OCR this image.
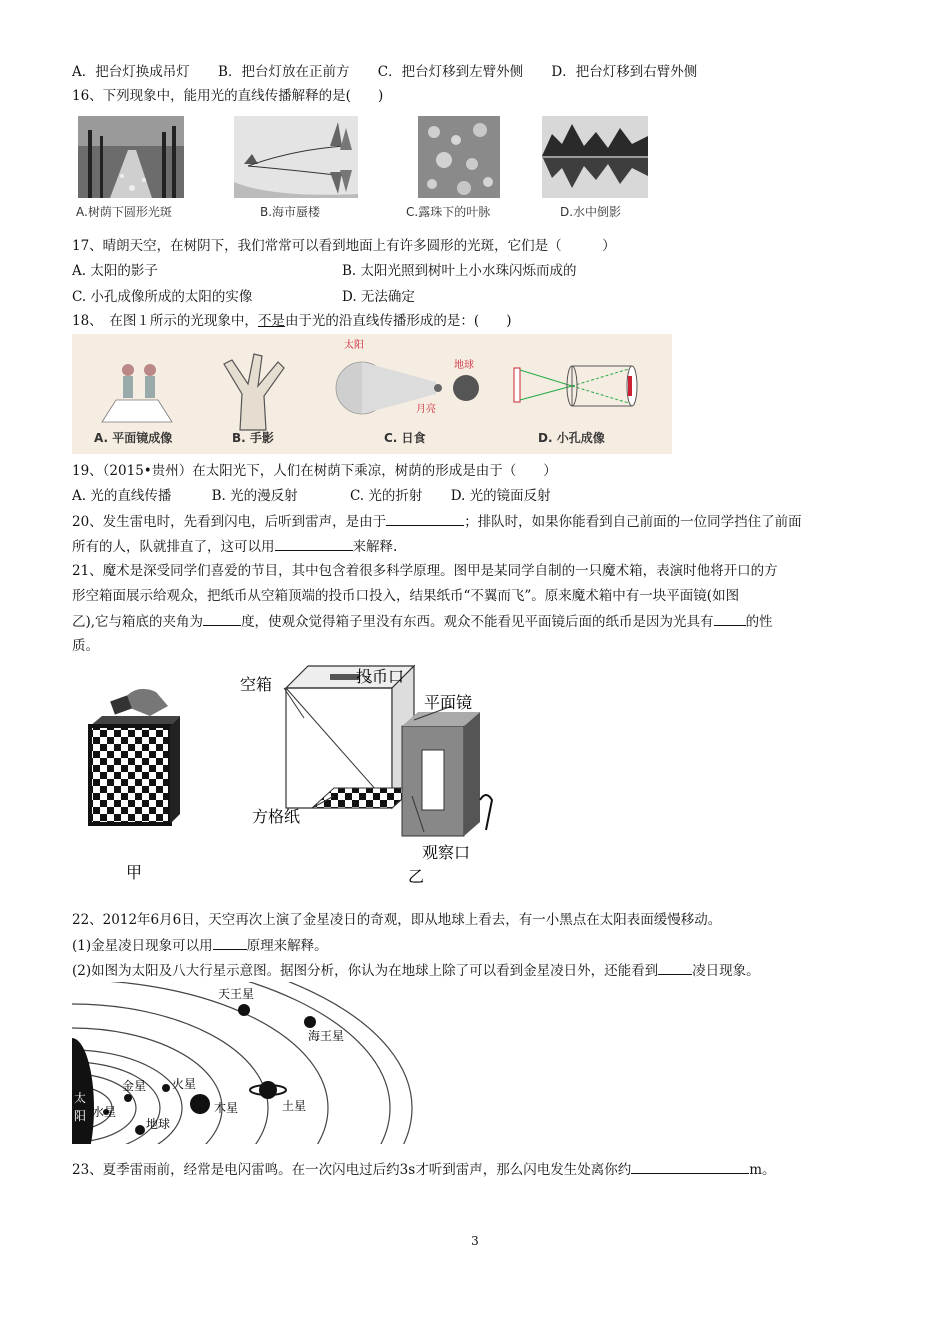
A．把台灯换成吊灯 B．把台灯放在正前方 C．把台灯移到左臂外侧 D．把台灯移到右臂外侧
16、下列现象中，能用光的直线传播解释的是(　　)
A.树荫下圆形光斑	B.海市蜃楼	C.露珠下的叶脉	D.水中倒影
17、晴朗天空，在树阴下，我们常常可以看到地面上有许多圆形的光斑，它们是（　　　）
A. 太阳的影子	B. 太阳光照到树叶上小水珠闪烁而成的
C. 小孔成像所成的太阳的实像	D. 无法确定
18、　在图１所示的光现象中，不是由于光的沿直线传播形成的是：(　　)
太阳
地球
月亮
A. 平面镜成像	B. 手影	C. 日食	D. 小孔成像
19、（2015•贵州）在太阳光下，人们在树荫下乘凉，树荫的形成是由于（　　）
A. 光的直线传播	B. 光的漫反射	C. 光的折射 D. 光的镜面反射
20、发生雷电时，先看到闪电，后听到雷声，是由于	；排队时，如果你能看到自己前面的一位同学挡住了前面
所有的人，队就排直了，这可以用	来解释.
21、魔术是深受同学们喜爱的节目，其中包含着很多科学原理。图甲是某同学自制的一只魔术箱，表演时他将开口的方
形空箱面展示给观众，把纸币从空箱顶端的投币口投入，结果纸币“不翼而飞”。原来魔术箱中有一块平面镜(如图
乙),它与箱底的夹角为	度，使观众觉得箱子里没有东西。观众不能看见平面镜后面的纸币是因为光具有 的性
质。
甲
空箱	投币口
平面镜
方格纸
观察口
乙
22、2012年6月6日，天空再次上演了金星凌日的奇观，即从地球上看去，有一小黑点在太阳表面缓慢移动。
(1)金星凌日现象可以用	原理来解释。
(2)如图为太阳及八大行星示意图。据图分析，你认为在地球上除了可以看到金星凌日外，还能看到	凌日现象。
太
阳 水星
金星
地球
火星
木星	土星
天王星
海王星
23、夏季雷雨前，经常是电闪雷鸣。在一次闪电过后约3s才听到雷声，那么闪电发生处离你约	m。
3
